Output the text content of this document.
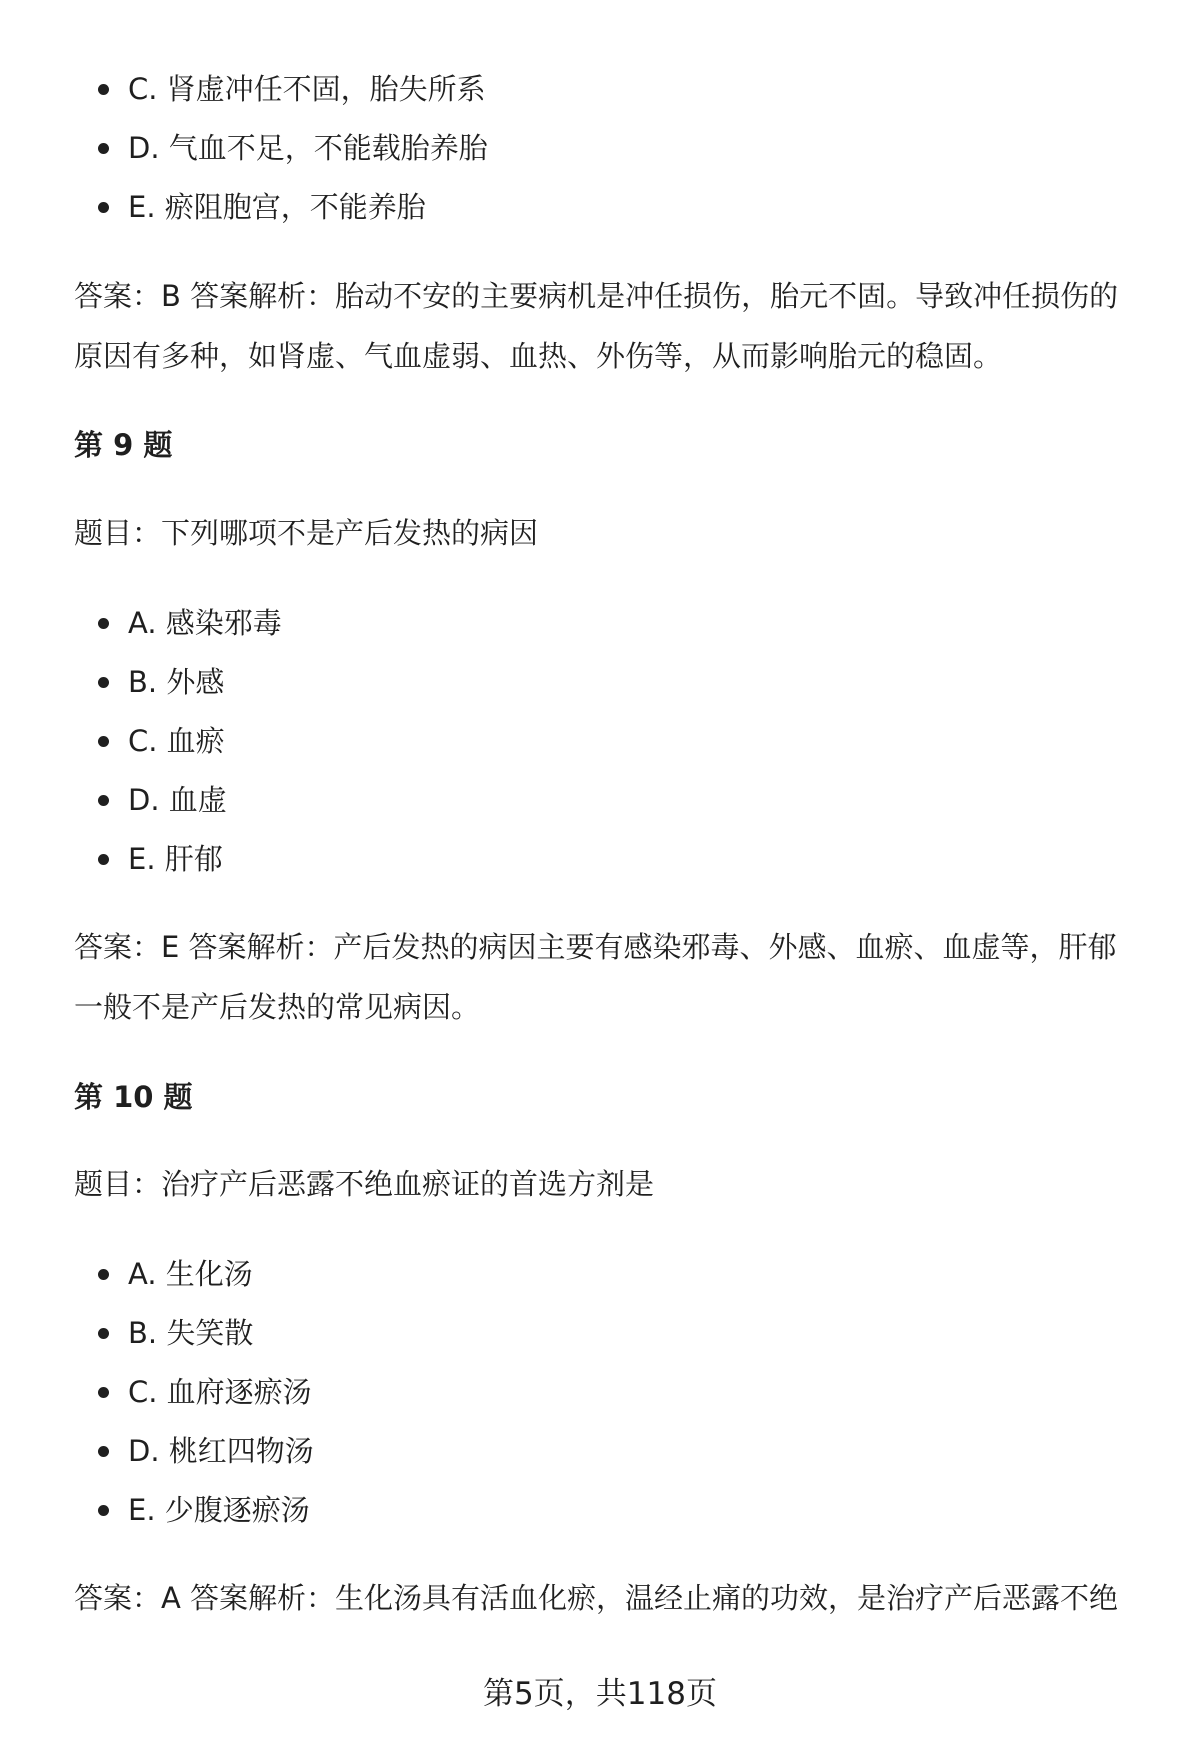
C. 肾虚冲任不固，胎失所系
D. 气血不足，不能载胎养胎
E. 瘀阻胞宫，不能养胎
答案：B 答案解析：胎动不安的主要病机是冲任损伤，胎元不固。导致冲任损伤的
原因有多种，如肾虚、气血虚弱、血热、外伤等，从而影响胎元的稳固。
第 9 题
题目：下列哪项不是产后发热的病因
A. 感染邪毒
B. 外感
C. 血瘀
D. 血虚
E. 肝郁
答案：E 答案解析：产后发热的病因主要有感染邪毒、外感、血瘀、血虚等，肝郁
一般不是产后发热的常见病因。
第 10 题
题目：治疗产后恶露不绝血瘀证的首选方剂是
A. 生化汤
B. 失笑散
C. 血府逐瘀汤
D. 桃红四物汤
E. 少腹逐瘀汤
答案：A 答案解析：生化汤具有活血化瘀，温经止痛的功效，是治疗产后恶露不绝
第5页，共118页
